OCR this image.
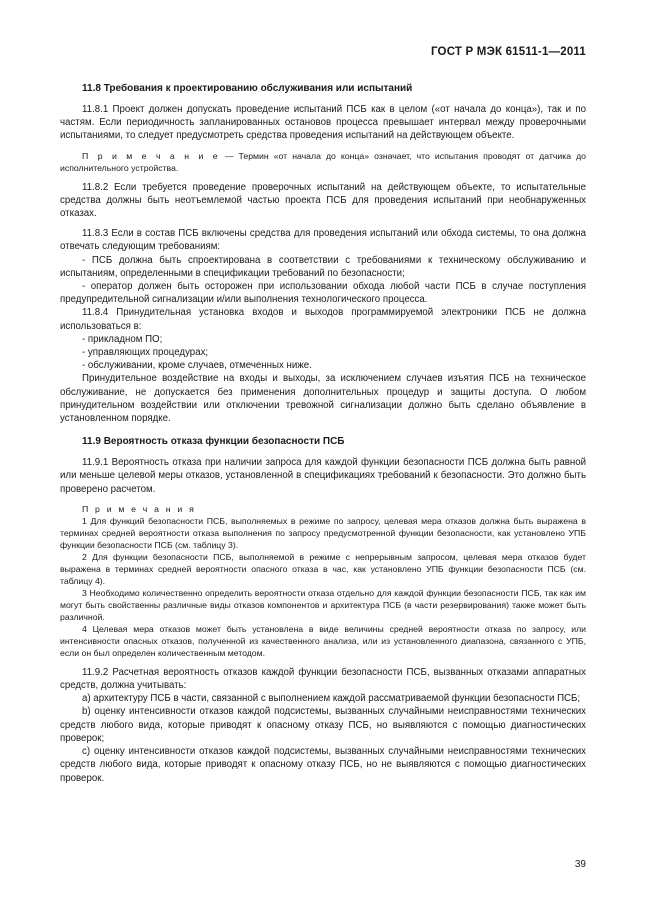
ГОСТ Р МЭК 61511-1—2011
11.8 Требования к проектированию обслуживания или испытаний

11.8.1 Проект должен допускать проведение испытаний ПСБ как в целом («от начала до конца»), так и по частям. Если периодичность запланированных остановов процесса превышает интервал между проверочными испытаниями, то следует предусмотреть средства проведения испытаний на действующем объекте.

П р и м е ч а н и е — Термин «от начала до конца» означает, что испытания проводят от датчика до исполнительного устройства.

11.8.2 Если требуется проведение проверочных испытаний на действующем объекте, то испытательные средства должны быть неотъемлемой частью проекта ПСБ для проведения испытаний при необнаруженных отказах.

11.8.3 Если в состав ПСБ включены средства для проведения испытаний или обхода системы, то она должна отвечать следующим требованиям:

- ПСБ должна быть спроектирована в соответствии с требованиями к техническому обслуживанию и испытаниям, определенными в спецификации требований по безопасности;

- оператор должен быть осторожен при использовании обхода любой части ПСБ в случае поступления предупредительной сигнализации и/или выполнения технологического процесса.

11.8.4 Принудительная установка входов и выходов программируемой электроники ПСБ не должна использоваться в:

- прикладном ПО;

- управляющих процедурах;

- обслуживании, кроме случаев, отмеченных ниже.

Принудительное воздействие на входы и выходы, за исключением случаев изъятия ПСБ на техническое обслуживание, не допускается без применения дополнительных процедур и защиты доступа. О любом принудительном воздействии или отключении тревожной сигнализации должно быть сделано объявление в установленном порядке.

11.9 Вероятность отказа функции безопасности ПСБ

11.9.1 Вероятность отказа при наличии запроса для каждой функции безопасности ПСБ должна быть равной или меньше целевой меры отказов, установленной в спецификациях требований к безопасности. Это должно быть проверено расчетом.

П р и м е ч а н и я

1 Для функций безопасности ПСБ, выполняемых в режиме по запросу, целевая мера отказов должна быть выражена в терминах средней вероятности отказа выполнения по запросу предусмотренной функции безопасности, как установлено УПБ функции безопасности ПСБ (см. таблицу 3).

2 Для функции безопасности ПСБ, выполняемой в режиме с непрерывным запросом, целевая мера отказов будет выражена в терминах средней вероятности опасного отказа в час, как установлено УПБ функции безопасности ПСБ (см. таблицу 4).

3 Необходимо количественно определить вероятности отказа отдельно для каждой функции безопасности ПСБ, так как им могут быть свойственны различные виды отказов компонентов и архитектура ПСБ (в части резервирования) также может быть различной.

4 Целевая мера отказов может быть установлена в виде величины средней вероятности отказа по запросу, или интенсивности опасных отказов, полученной из качественного анализа, или из установленного диапазона, связанного с УПБ, если он был определен количественным методом.

11.9.2 Расчетная вероятность отказов каждой функции безопасности ПСБ, вызванных отказами аппаратных средств, должна учитывать:

а) архитектуру ПСБ в части, связанной с выполнением каждой рассматриваемой функции безопасности ПСБ;

b) оценку интенсивности отказов каждой подсистемы, вызванных случайными неисправностями технических средств любого вида, которые приводят к опасному отказу ПСБ, но выявляются с помощью диагностических проверок;

c) оценку интенсивности отказов каждой подсистемы, вызванных случайными неисправностями технических средств любого вида, которые приводят к опасному отказу ПСБ, но не выявляются с помощью диагностических проверок.

39
